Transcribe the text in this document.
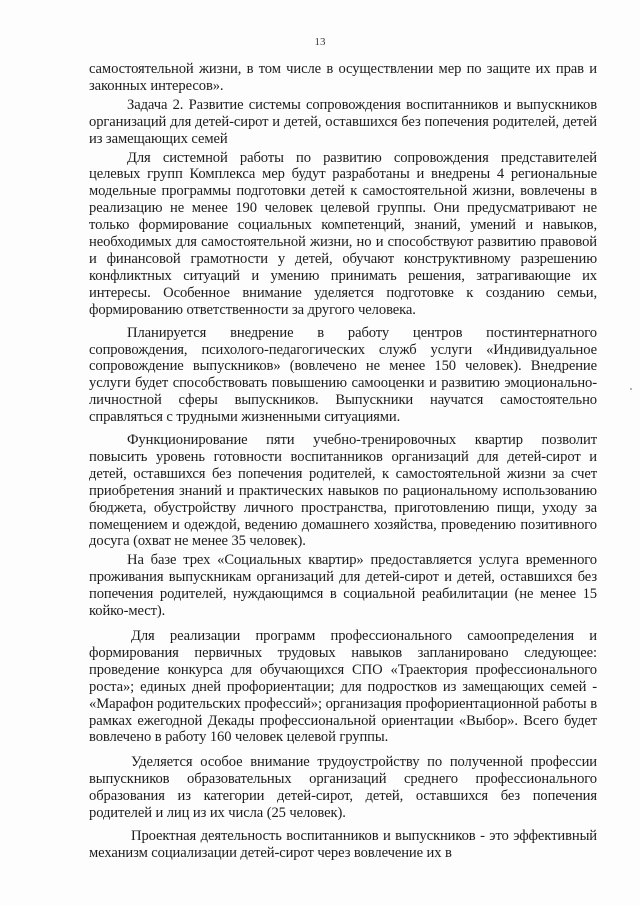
13

самостоятельной жизни, в том числе в осуществлении мер по защите их прав и законных интересов».

Задача 2. Развитие системы сопровождения воспитанников и выпускников организаций для детей-сирот и детей, оставшихся без попечения родителей, детей из замещающих семей

Для системной работы по развитию сопровождения представителей целевых групп Комплекса мер будут разработаны и внедрены 4 региональные модельные программы подготовки детей к самостоятельной жизни, вовлечены в реализацию не менее 190 человек целевой группы. Они предусматривают не только формирование социальных компетенций, знаний, умений и навыков, необходимых для самостоятельной жизни, но и способствуют развитию правовой и финансовой грамотности у детей, обучают конструктивному разрешению конфликтных ситуаций и умению принимать решения, затрагивающие их интересы. Особенное внимание уделяется подготовке к созданию семьи, формированию ответственности за другого человека.

Планируется внедрение в работу центров постинтернатного сопровождения, психолого-педагогических служб услуги «Индивидуальное сопровождение выпускников» (вовлечено не менее 150 человек). Внедрение услуги будет способствовать повышению самооценки и развитию эмоционально-личностной сферы выпускников. Выпускники научатся самостоятельно справляться с трудными жизненными ситуациями.

Функционирование пяти учебно-тренировочных квартир позволит повысить уровень готовности воспитанников организаций для детей-сирот и детей, оставшихся без попечения родителей, к самостоятельной жизни за счет приобретения знаний и практических навыков по рациональному использованию бюджета, обустройству личного пространства, приготовлению пищи, уходу за помещением и одеждой, ведению домашнего хозяйства, проведению позитивного досуга (охват не менее 35 человек).

На базе трех «Социальных квартир» предоставляется услуга временного проживания выпускникам организаций для детей-сирот и детей, оставшихся без попечения родителей, нуждающимся в социальной реабилитации (не менее 15 койко-мест).

Для реализации программ профессионального самоопределения и формирования первичных трудовых навыков запланировано следующее: проведение конкурса для обучающихся СПО «Траектория профессионального роста»; единых дней профориентации; для подростков из замещающих семей - «Марафон родительских профессий»; организация профориентационной работы в рамках ежегодной Декады профессиональной ориентации «Выбор». Всего будет вовлечено в работу 160 человек целевой группы.

Уделяется особое внимание трудоустройству по полученной профессии выпускников образовательных организаций среднего профессионального образования из категории детей-сирот, детей, оставшихся без попечения родителей и лиц из их числа (25 человек).

Проектная деятельность воспитанников и выпускников - это эффективный механизм социализации детей-сирот через вовлечение их в
